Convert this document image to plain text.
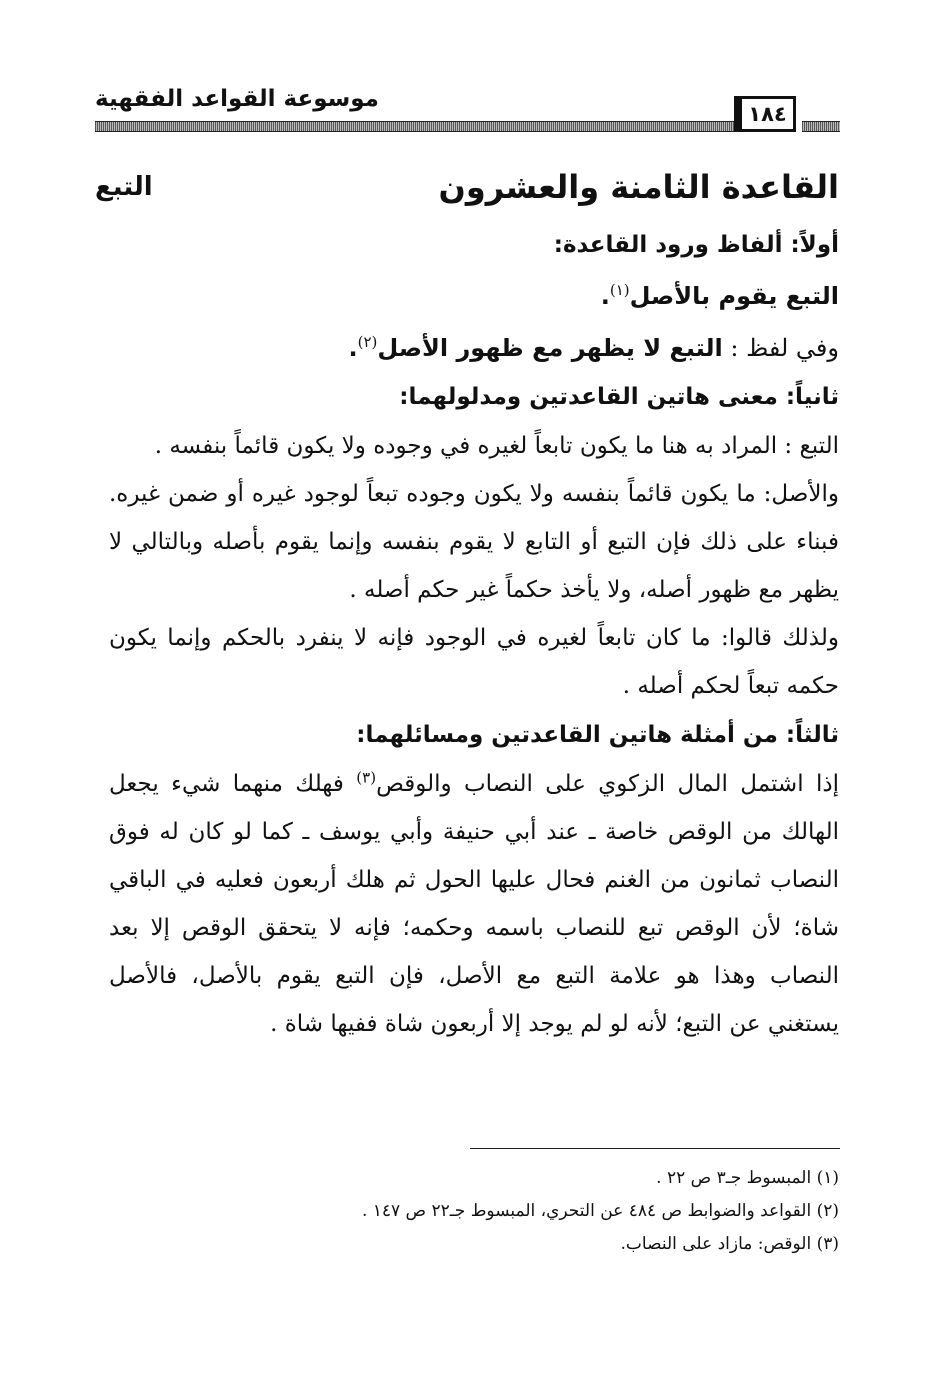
موسوعة القواعد الفقهية
١٨٤
القاعدة الثامنة والعشرون
التبع
أولاً: ألفاظ ورود القاعدة:

التبع يقوم بالأصل$^{(١)}$.

وفي لفظ : التبع لا يظهر مع ظهور الأصل$^{(٢)}$.

ثانياً: معنى هاتين القاعدتين ومدلولهما:

التبع : المراد به هنا ما يكون تابعاً لغيره في وجوده ولا يكون قائماً بنفسه .

والأصل: ما يكون قائماً بنفسه ولا يكون وجوده تبعاً لوجود غيره أو ضمن غيره. فبناء على ذلك فإن التبع أو التابع لا يقوم بنفسه وإنما يقوم بأصله وبالتالي لا يظهر مع ظهور أصله، ولا يأخذ حكماً غير حكم أصله .

ولذلك قالوا: ما كان تابعاً لغيره في الوجود فإنه لا ينفرد بالحكم وإنما يكون حكمه تبعاً لحكم أصله .

ثالثاً: من أمثلة هاتين القاعدتين ومسائلهما:

إذا اشتمل المال الزكوي على النصاب والوقص$^{(٣)}$ فهلك منهما شيء يجعل الهالك من الوقص خاصة ـ عند أبي حنيفة وأبي يوسف ـ كما لو كان له فوق النصاب ثمانون من الغنم فحال عليها الحول ثم هلك أربعون فعليه في الباقي شاة؛ لأن الوقص تبع للنصاب باسمه وحكمه؛ فإنه لا يتحقق الوقص إلا بعد النصاب وهذا هو علامة التبع مع الأصل، فإن التبع يقوم بالأصل، فالأصل يستغني عن التبع؛ لأنه لو لم يوجد إلا أربعون شاة ففيها شاة .

(١) المبسوط جـ٣ ص ٢٢ .

(٢) القواعد والضوابط ص ٤٨٤ عن التحري، المبسوط جـ٢٢ ص ١٤٧ .

(٣) الوقص: مازاد على النصاب.
